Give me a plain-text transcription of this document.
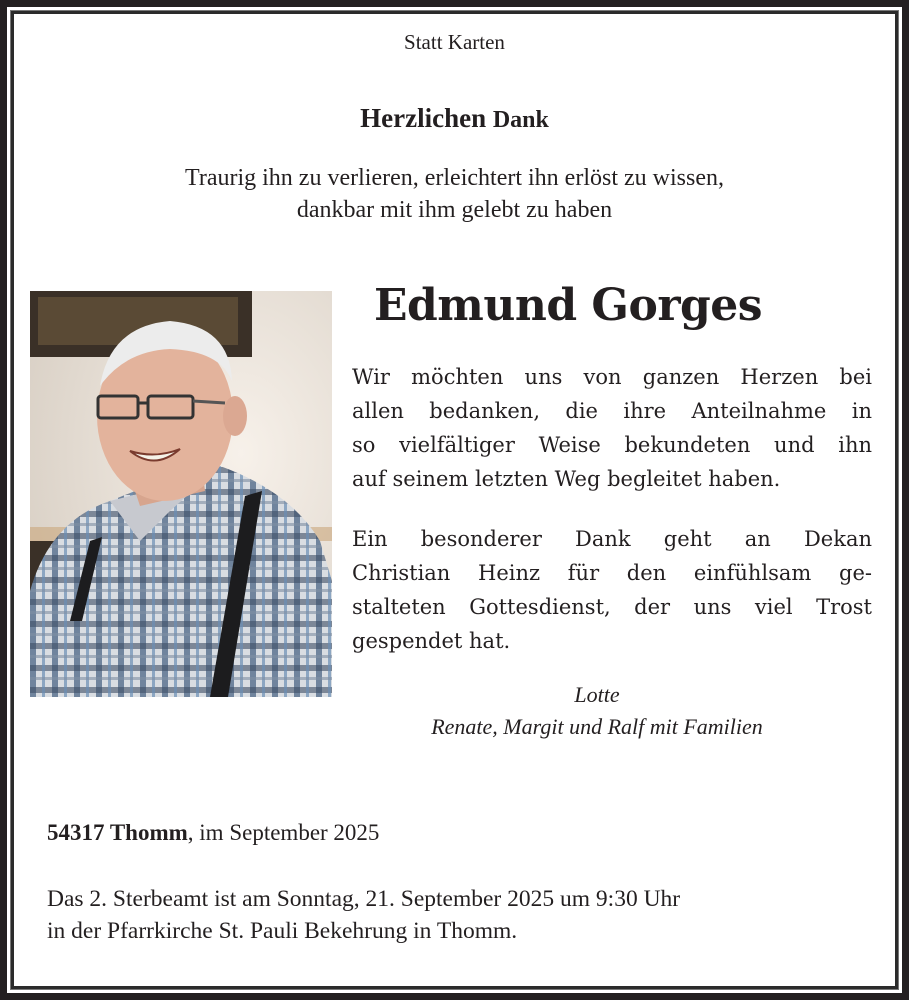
Statt Karten
Herzlichen Dank
Traurig ihn zu verlieren, erleichtert ihn erlöst zu wissen,
dankbar mit ihm gelebt zu haben
Edmund Gorges
Wir möchten uns von ganzen Herzen bei
allen bedanken, die ihre Anteilnahme in
so vielfältiger Weise bekundeten und ihn
auf seinem letzten Weg begleitet haben.
Ein besonderer Dank geht an Dekan
Christian Heinz für den einfühlsam ge-
stalteten Gottesdienst, der uns viel Trost
gespendet hat.
Lotte
Renate, Margit und Ralf mit Familien
54317 Thomm, im September 2025
Das 2. Sterbeamt ist am Sonntag, 21. September 2025 um 9:30 Uhr
in der Pfarrkirche St. Pauli Bekehrung in Thomm.
